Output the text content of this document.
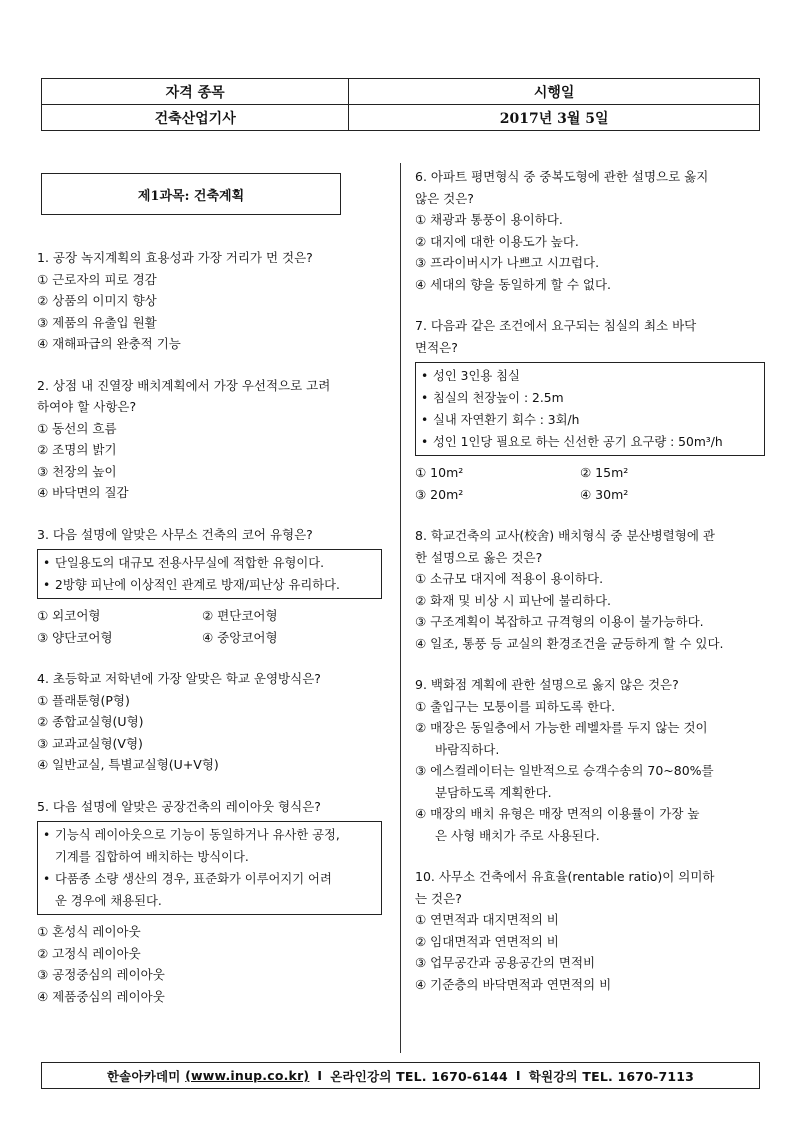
자격 종목	시행일
건축산업기사	2017년 3월 5일
제1과목: 건축계획
1. 공장 녹지계획의 효용성과 가장 거리가 먼 것은?
① 근로자의 피로 경감
② 상품의 이미지 향상
③ 제품의 유출입 원활
④ 재해파급의 완충적 기능
2. 상점 내 진열장 배치계획에서 가장 우선적으로 고려
하여야 할 사항은?
① 동선의 흐름
② 조명의 밝기
③ 천장의 높이
④ 바닥면의 질감
3. 다음 설명에 알맞은 사무소 건축의 코어 유형은?
• 단일용도의 대규모 전용사무실에 적합한 유형이다.
• 2방향 피난에 이상적인 관계로 방재/피난상 유리하다.
① 외코어형	② 편단코어형
③ 양단코어형	④ 중앙코어형
4. 초등학교 저학년에 가장 알맞은 학교 운영방식은?
① 플래툰형(P형)
② 종합교실형(U형)
③ 교과교실형(V형)
④ 일반교실, 특별교실형(U+V형)
5. 다음 설명에 알맞은 공장건축의 레이아웃 형식은?
• 기능식 레이아웃으로 기능이 동일하거나 유사한 공정,
기계를 집합하여 배치하는 방식이다.
• 다품종 소량 생산의 경우, 표준화가 이루어지기 어려
운 경우에 채용된다.
① 혼성식 레이아웃
② 고정식 레이아웃
③ 공정중심의 레이아웃
④ 제품중심의 레이아웃
6. 아파트 평면형식 중 중복도형에 관한 설명으로 옳지
않은 것은?
① 채광과 통풍이 용이하다.
② 대지에 대한 이용도가 높다.
③ 프라이버시가 나쁘고 시끄럽다.
④ 세대의 향을 동일하게 할 수 없다.
7. 다음과 같은 조건에서 요구되는 침실의 최소 바닥
면적은?
• 성인 3인용 침실
• 침실의 천장높이 : 2.5m
• 실내 자연환기 회수 : 3회/h
• 성인 1인당 필요로 하는 신선한 공기 요구량 : 50m³/h
① 10m²	② 15m²
③ 20m²	④ 30m²
8. 학교건축의 교사(校舍) 배치형식 중 분산병렬형에 관
한 설명으로 옳은 것은?
① 소규모 대지에 적용이 용이하다.
② 화재 및 비상 시 피난에 불리하다.
③ 구조계획이 복잡하고 규격형의 이용이 불가능하다.
④ 일조, 통풍 등 교실의 환경조건을 균등하게 할 수 있다.
9. 백화점 계획에 관한 설명으로 옳지 않은 것은?
① 출입구는 모퉁이를 피하도록 한다.
② 매장은 동일층에서 가능한 레벨차를 두지 않는 것이
바람직하다.
③ 에스컬레이터는 일반적으로 승객수송의 70~80%를
분담하도록 계획한다.
④ 매장의 배치 유형은 매장 면적의 이용률이 가장 높
은 사형 배치가 주로 사용된다.
10. 사무소 건축에서 유효율(rentable ratio)이 의미하
는 것은?
① 연면적과 대지면적의 비
② 임대면적과 연면적의 비
③ 업무공간과 공용공간의 면적비
④ 기준층의 바닥면적과 연면적의 비
한솔아카데미
(www.inup.co.kr) I 온라인강의 TEL. 1670-6144 I 학원강의 TEL. 1670-7113
